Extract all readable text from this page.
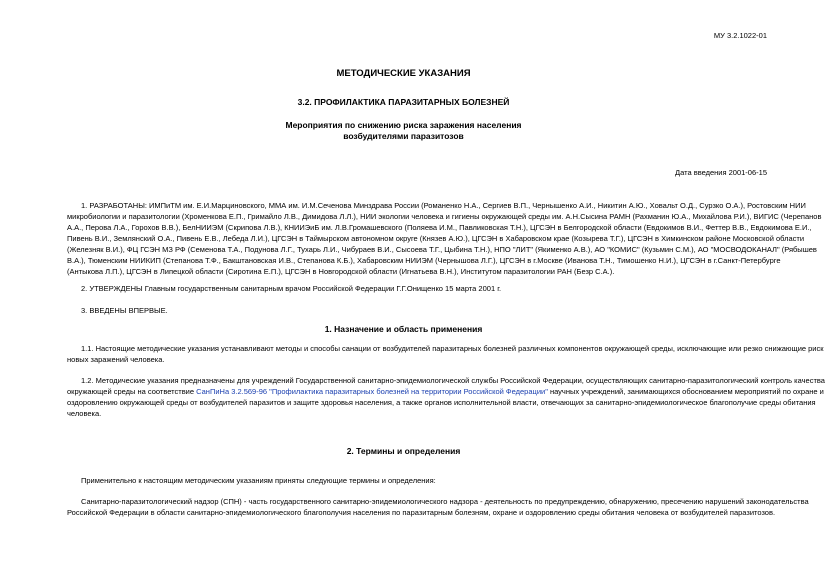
МУ 3.2.1022-01
МЕТОДИЧЕСКИЕ УКАЗАНИЯ
3.2. ПРОФИЛАКТИКА ПАРАЗИТАРНЫХ БОЛЕЗНЕЙ
Мероприятия по снижению риска заражения населения
возбудителями паразитозов
Дата введения 2001-06-15
1. РАЗРАБОТАНЫ: ИМПиТМ им. Е.И.Марциновского, ММА им. И.М.Сеченова Минздрава России (Романенко Н.А., Сергиев В.П., Чернышенко А.И., Никитин А.Ю., Ховальт О.Д., Сурзко О.А.), Ростовским НИИ
микробиологии и паразитологии (Хроменкова Е.П., Гримайло Л.В., Димидова Л.Л.), НИИ экологии человека и гигиены окружающей среды им. А.Н.Сысина РАМН (Рахманин Ю.А., Михайлова Р.И.), ВИГИС (Черепанов
А.А., Перова Л.А., Горохов В.В.), БелНИИЭМ (Скрипова Л.В.), КНИИЭиБ им. Л.В.Громашевского (Поляева И.М., Павликовская Т.Н.), ЦГСЭН в Белгородской области (Евдокимов В.И., Феттер В.В., Евдокимова Е.И.,
Пивень В.И., Землянский О.А., Пивень Е.В., Лебеда Л.И.), ЦГСЭН в Таймырском автономном округе (Князев А.Ю.), ЦГСЭН в Хабаровском крае (Козырева Т.Г.), ЦГСЭН в Химкинском районе Московской области
(Железняк В.И.), ФЦ ГСЭН МЗ РФ (Семенова Т.А., Подунова Л.Г., Тухарь Л.И., Чибураев В.И., Сысоева Т.Г., Цыбина Т.Н.), НПО "ЛИТ" (Якименко А.В.), АО "КОМИС" (Кузьмин С.М.), АО "МОСВОДОКАНАЛ" (Рябышев
В.А.), Тюменским НИИКИП (Степанова Т.Ф., Бакштановская И.В., Степанова К.Б.), Хабаровским НИИЭМ (Чернышова Л.Г.), ЦГСЭН в г.Москве (Иванова Т.Н., Тимошенко Н.И.), ЦГСЭН в г.Санкт-Петербурге
(Антыкова Л.П.), ЦГСЭН в Липецкой области (Сиротина Е.П.), ЦГСЭН в Новгородской области (Игнатьева В.Н.), Институтом паразитологии РАН (Безр С.А.).
2. УТВЕРЖДЕНЫ Главным государственным санитарным врачом Российской Федерации Г.Г.Онищенко 15 марта 2001 г.
3. ВВЕДЕНЫ ВПЕРВЫЕ.
1. Назначение и область применения
1.1. Настоящие методические указания устанавливают методы и способы санации от возбудителей паразитарных болезней различных компонентов окружающей среды, исключающие или резко снижающие риск
новых заражений человека.
1.2. Методические указания предназначены для учреждений Государственной санитарно-эпидемиологической службы Российской Федерации, осуществляющих санитарно-паразитологический контроль качества
окружающей среды на соответствие СанПиНа 3.2.569-96 "Профилактика паразитарных болезней на территории Российской Федерации" научных учреждений, занимающихся обоснованием мероприятий по охране и
оздоровлению окружающей среды от возбудителей паразитов и защите здоровья населения, а также органов исполнительной власти, отвечающих за санитарно-эпидемиологическое благополучие среды обитания
человека.
2. Термины и определения
Применительно к настоящим методическим указаниям приняты следующие термины и определения:
Санитарно-паразитологический надзор (СПН) - часть государственного санитарно-эпидемиологического надзора - деятельность по предупреждению, обнаружению, пресечению нарушений законодательства
Российской Федерации в области санитарно-эпидемиологического благополучия населения по паразитарным болезням, охране и оздоровлению среды обитания человека от возбудителей паразитозов.
